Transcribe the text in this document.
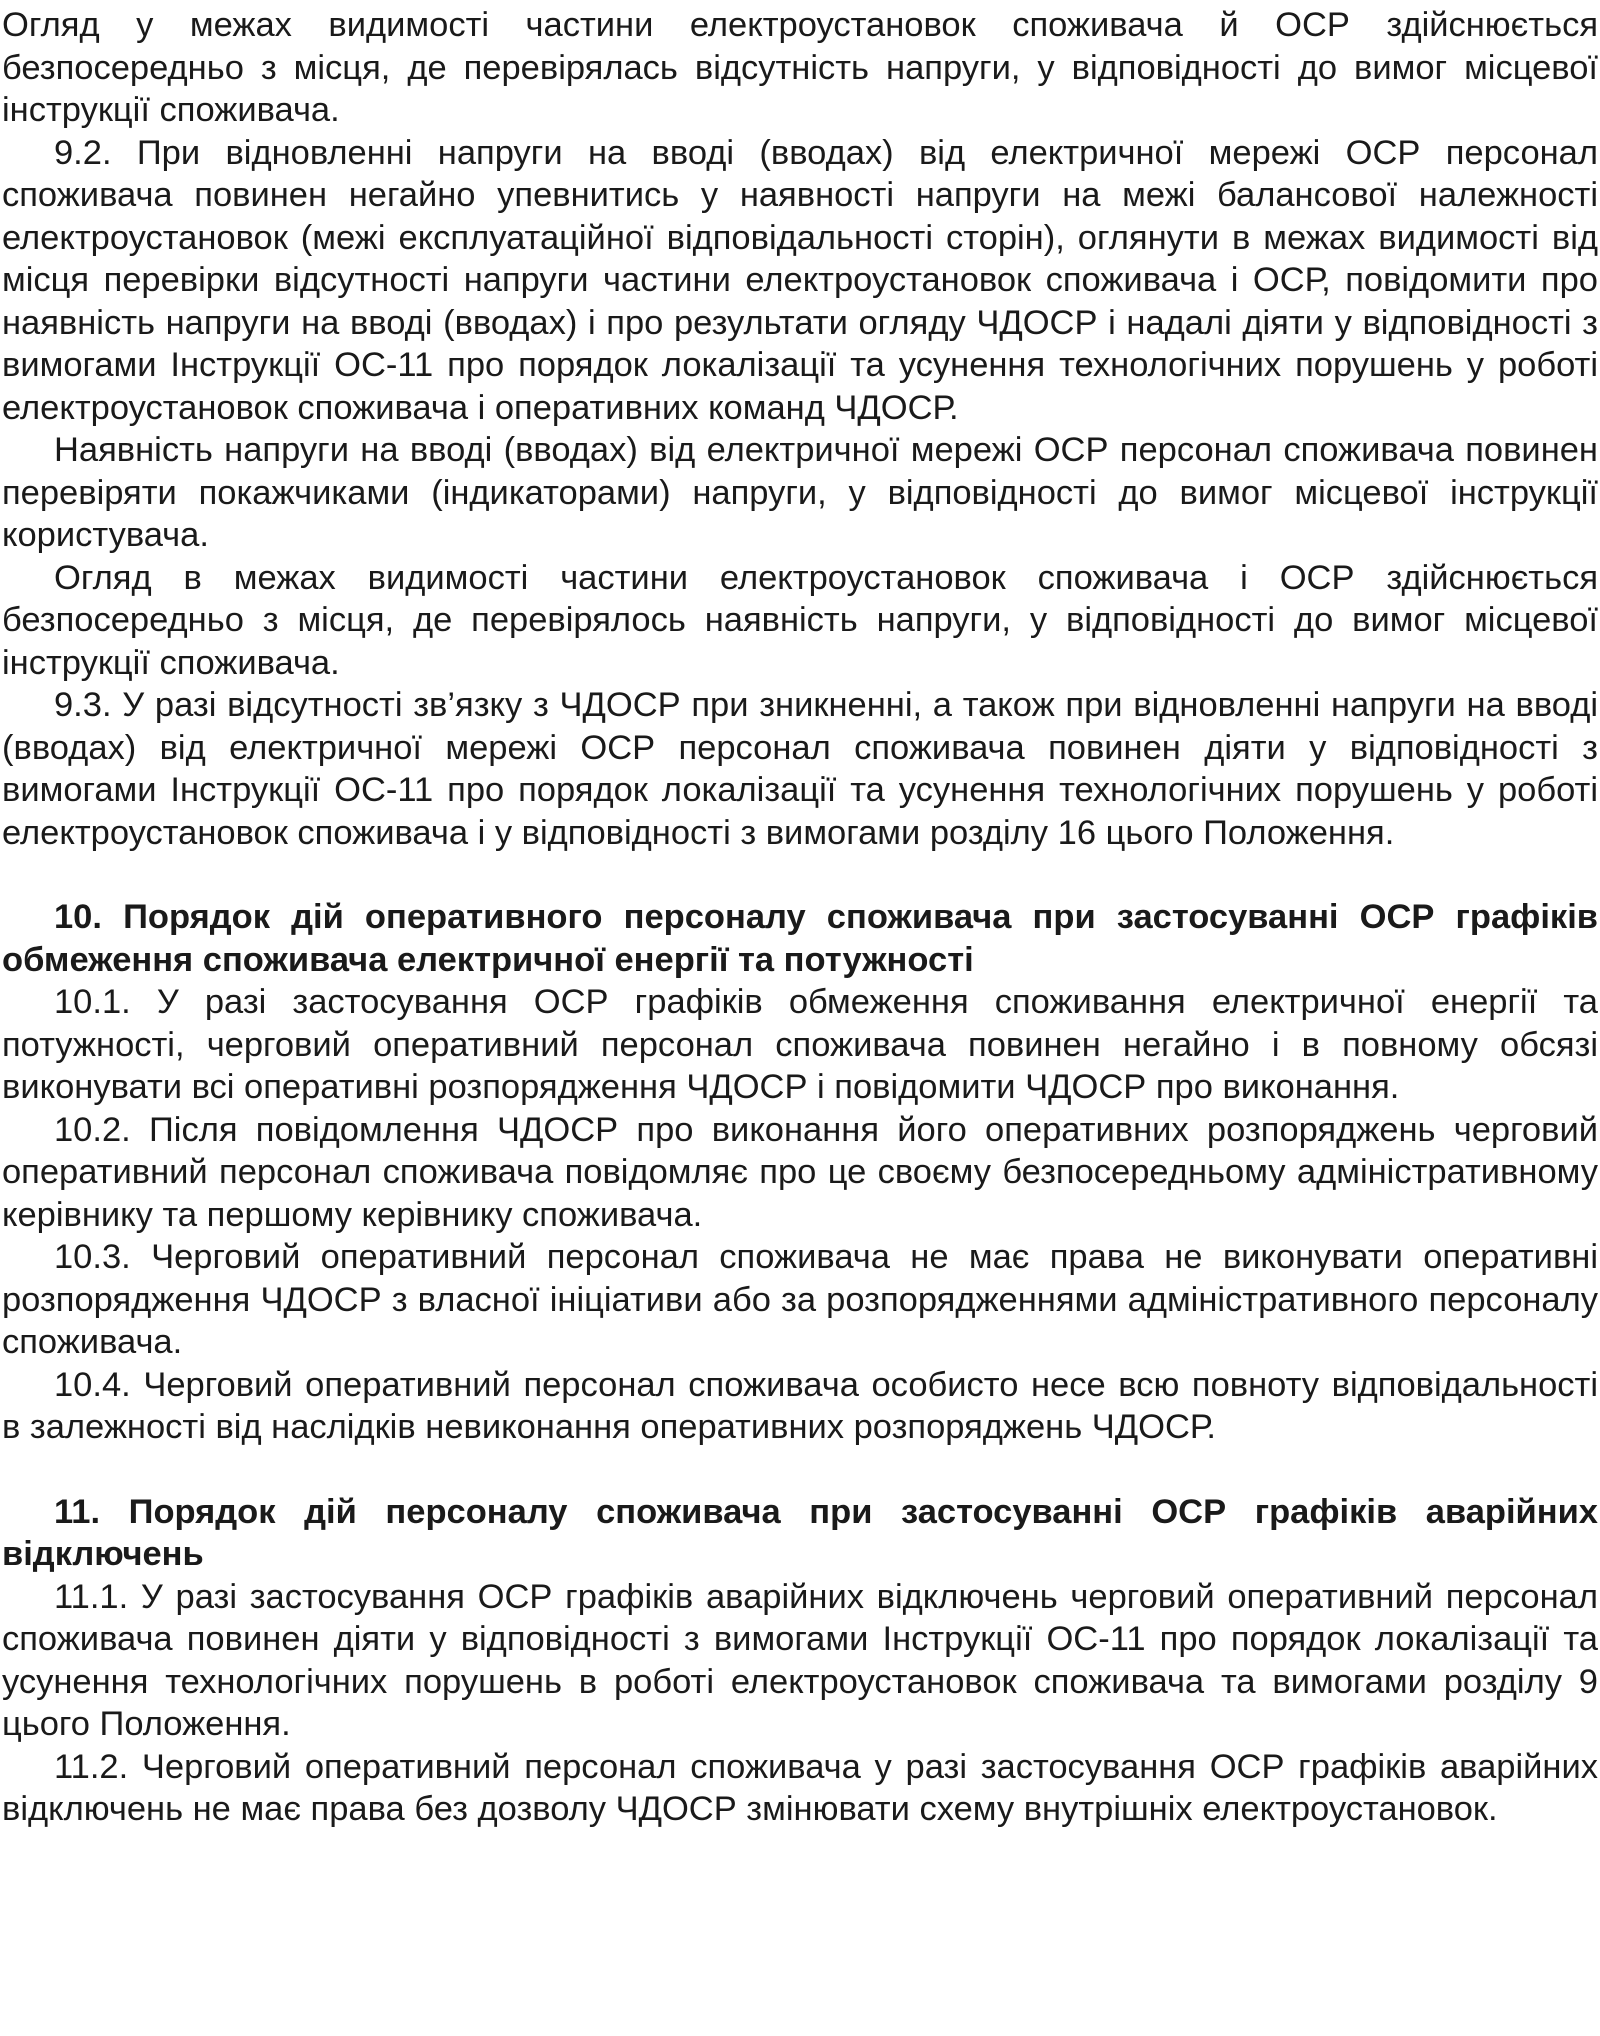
Огляд у межах видимості частини електроустановок споживача й ОСР здійснюється безпосередньо з місця, де перевірялась відсутність напруги, у відповідності до вимог місцевої інструкції споживача.

9.2. При відновленні напруги на вводі (вводах) від електричної мережі ОСР персонал споживача повинен негайно упевнитись у наявності напруги на межі балансової належності електроустановок (межі експлуатаційної відповідальності сторін), оглянути в межах видимості від місця перевірки відсутності напруги частини електроустановок споживача і ОСР, повідомити про наявність напруги на вводі (вводах) і про результати огляду ЧДОСР і надалі діяти у відповідності з вимогами Інструкції ОС-11 про порядок локалізації та усунення технологічних порушень у роботі електроустановок споживача і оперативних команд ЧДОСР.

Наявність напруги на вводі (вводах) від електричної мережі ОСР персонал споживача повинен перевіряти покажчиками (індикаторами) напруги, у відповідності до вимог місцевої інструкції користувача.

Огляд в межах видимості частини електроустановок споживача і ОСР здійснюється безпосередньо з місця, де перевірялось наявність напруги, у відповідності до вимог місцевої інструкції споживача.

9.3. У разі відсутності зв’язку з ЧДОСР при зникненні, а також при відновленні напруги на вводі (вводах) від електричної мережі ОСР персонал споживача повинен діяти у відповідності з вимогами Інструкції ОС-11 про порядок локалізації та усунення технологічних порушень у роботі електроустановок споживача і у відповідності з вимогами розділу 16 цього Положення.

10. Порядок дій оперативного персоналу споживача при застосуванні ОСР графіків обмеження споживача електричної енергії та потужності

10.1. У разі застосування ОСР графіків обмеження споживання електричної енергії та потужності, черговий оперативний персонал споживача повинен негайно і в повному обсязі виконувати всі оперативні розпорядження ЧДОСР і повідомити ЧДОСР про виконання.

10.2. Після повідомлення ЧДОСР про виконання його оперативних розпоряджень черговий оперативний персонал споживача повідомляє про це своєму безпосередньому адміністративному керівнику та першому керівнику споживача.

10.3. Черговий оперативний персонал споживача не має права не виконувати оперативні розпорядження ЧДОСР з власної ініціативи або за розпорядженнями адміністративного персоналу споживача.

10.4. Черговий оперативний персонал споживача особисто несе всю повноту відповідальності в залежності від наслідків невиконання оперативних розпоряджень ЧДОСР.

11. Порядок дій персоналу споживача при застосуванні ОСР графіків аварійних відключень

11.1. У разі застосування ОСР графіків аварійних відключень черговий оперативний персонал споживача повинен діяти у відповідності з вимогами Інструкції ОС-11 про порядок локалізації та усунення технологічних порушень в роботі електроустановок споживача та вимогами розділу 9 цього Положення.

11.2. Черговий оперативний персонал споживача у разі застосування ОСР графіків аварійних відключень не має права без дозволу ЧДОСР змінювати схему внутрішніх електроустановок.
